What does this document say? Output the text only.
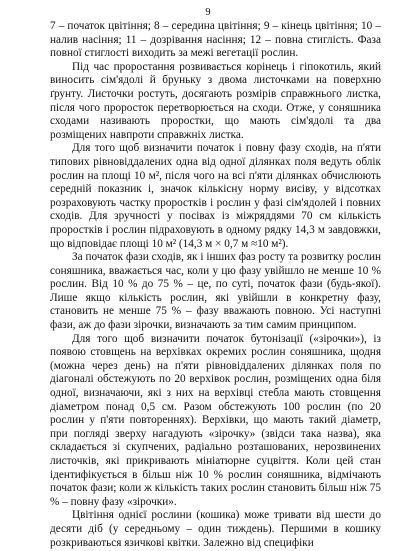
9

7 – початок цвітіння; 8 – середина цвітіння; 9 – кінець цвітіння; 10 – налив насіння; 11 – дозрівання насіння; 12 – повна стиглість. Фаза повної стиглості виходить за межі вегетації рослин.

Під час проростання розвивається корінець і гіпокотиль, який виносить сім'ядолі й бруньку з двома листочками на поверхню ґрунту. Листочки ростуть, досягають розмірів справжнього листка, після чого проросток перетворюється на сходи. Отже, у соняшника сходами називають проростки, що мають сім'ядолі та два розміщених навпроти справжніх листка.

Для того щоб визначити початок і повну фазу сходів, на п'яти типових рівновіддалених одна від одної ділянках поля ведуть облік рослин на площі 10 м², після чого на всі п'яти ділянках обчислюють середній показник і, значок кількісну норму висіву, у відсотках розраховують частку проростків і рослин у фазі сім'ядолей і повних сходів. Для зручності у посівах із міжряддями 70 см кількість проростків і рослин підраховують в одному рядку 14,3 м завдовжки, що відповідає площі 10 м² (14,3 м × 0,7 м ≈10 м²).

За початок фази сходів, як і інших фаз росту та розвитку рослин соняшника, вважається час, коли у цю фазу увійшло не менше 10 % рослин. Від 10 % до 75 % – це, по суті, початок фази (будь-якої). Лише якщо кількість рослин, які увійшли в конкретну фазу, становить не менше 75 % – фазу вважають повною. Усі наступні фази, аж до фази зірочки, визначають за тим самим принципом.

Для того щоб визначити початок бутонізації («зірочки»), із появою стовщень на верхівках окремих рослин соняшника, щодня (можна через день) на п'яти рівновіддалених ділянках поля по діагоналі обстежують по 20 верхівок рослин, розміщених одна біля одної, визначаючи, які з них на верхівці стебла мають стовщення діаметром понад 0,5 см. Разом обстежують 100 рослин (по 20 рослин у п'яти повтореннях). Верхівки, що мають такий діаметр, при погляді зверху нагадують «зірочку» (звідси така назва), яка складається зі скупчених, радіально розташованих, нерозвинених листочків, які прикривають мініатюрне суцвіття. Коли цей стан ідентифікується в більш ніж 10 % рослин соняшника, відмічають початок фази; коли ж кількість таких рослин становить більш ніж 75 % – повну фазу «зірочки».

Цвітіння однієї рослини (кошика) може тривати від шести до десяти діб (у середньому – один тиждень). Першими в кошику розкриваються язичкові квітки. Залежно від специфіки
